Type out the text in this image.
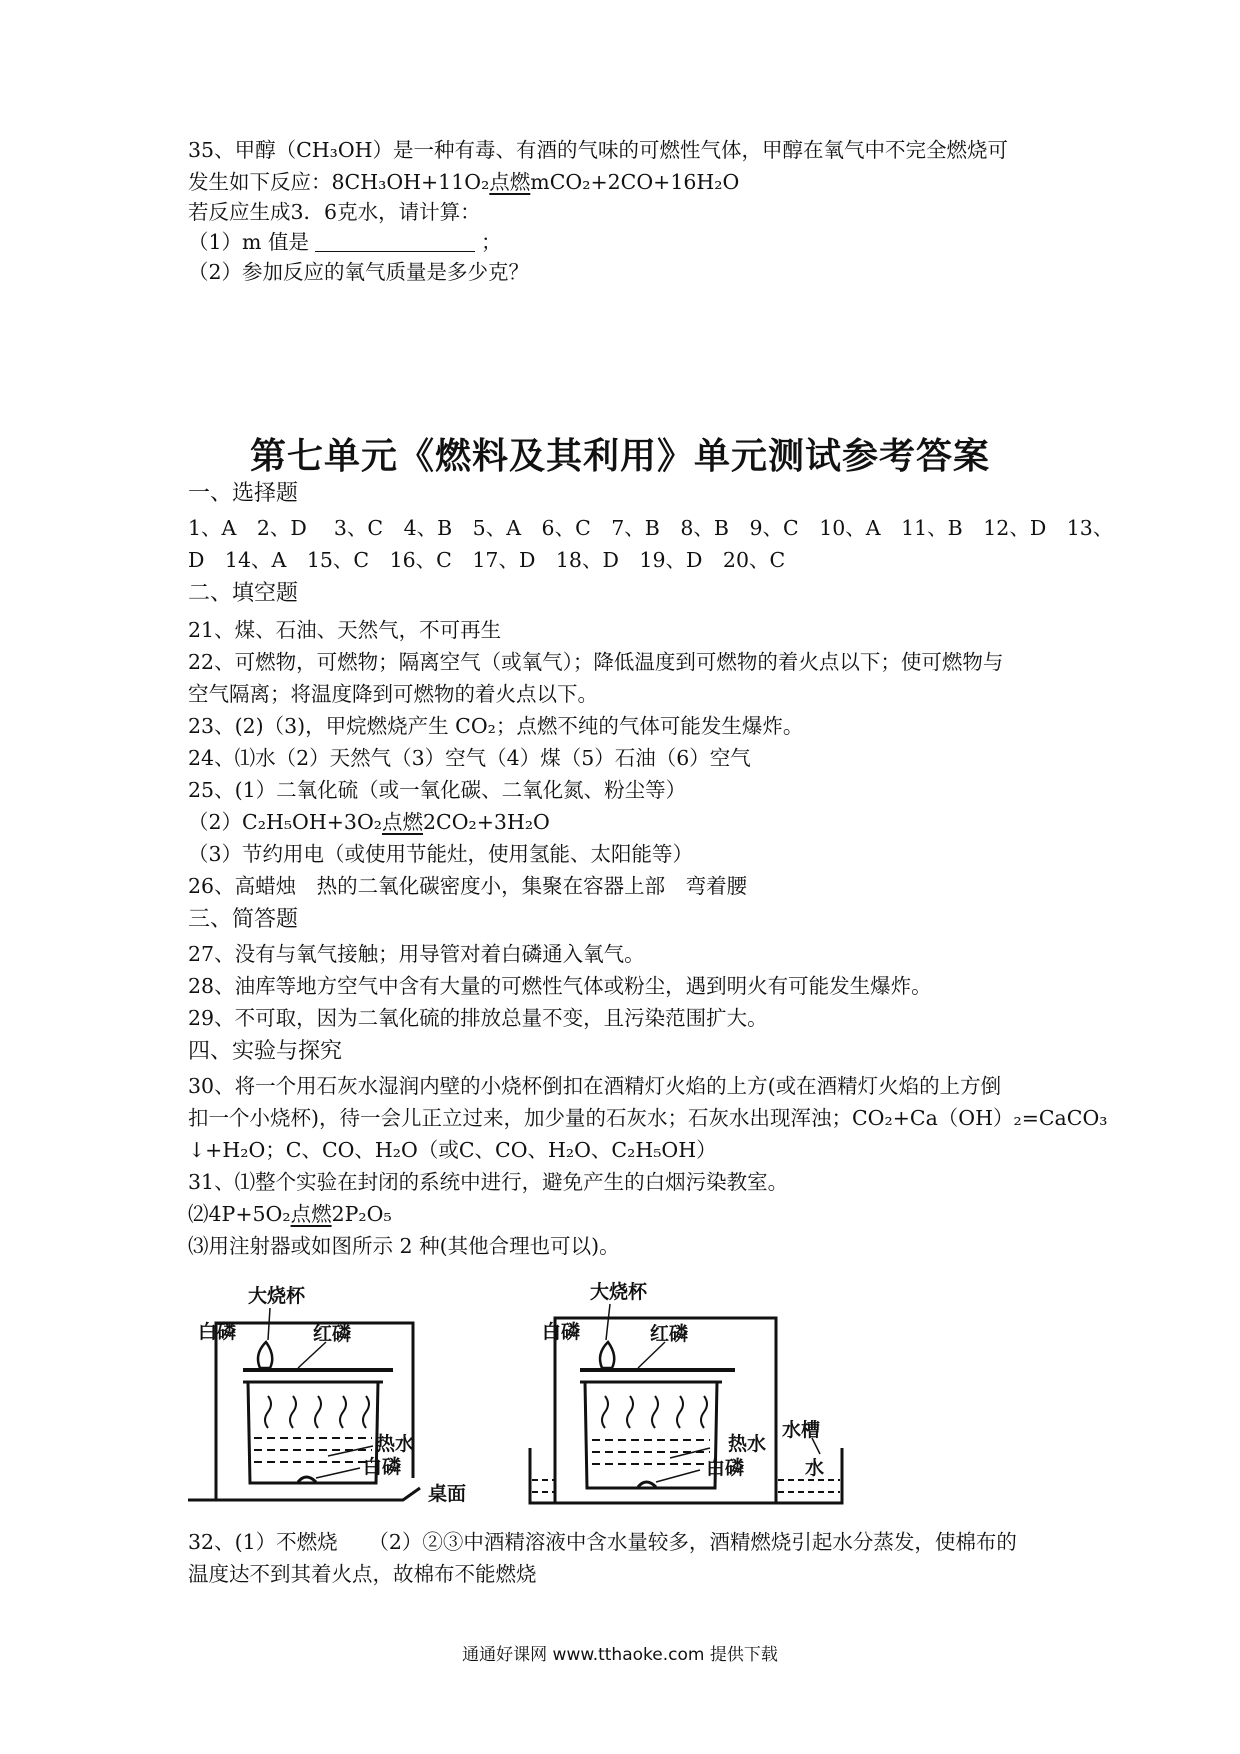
35、甲醇（CH₃OH）是一种有毒、有酒的气味的可燃性气体，甲醇在氧气中不完全燃烧可
发生如下反应：8CH₃OH+11O₂点燃mCO₂+2CO+16H₂O
若反应生成3．6克水，请计算：
（1）m 值是	；
（2）参加反应的氧气质量是多少克？
第七单元《燃料及其利用》单元测试参考答案
一、选择题
1、A　2、D　 3、C　4、B　5、A　6、C　7、B　8、B　9、C　10、A　11、B　12、D　13、
D　14、A　15、C　16、C　17、D　18、D　19、D　20、C
二、填空题
21、煤、石油、天然气，不可再生
22、可燃物，可燃物；隔离空气（或氧气）；降低温度到可燃物的着火点以下；使可燃物与
空气隔离；将温度降到可燃物的着火点以下。
23、(2)（3)，甲烷燃烧产生 CO₂；点燃不纯的气体可能发生爆炸。
24、⑴水（2）天然气（3）空气（4）煤（5）石油（6）空气
25、(1）二氧化硫（或一氧化碳、二氧化氮、粉尘等）
（2）C₂H₅OH+3O₂点燃2CO₂+3H₂O
（3）节约用电（或使用节能灶，使用氢能、太阳能等）
26、高蜡烛　热的二氧化碳密度小，集聚在容器上部　弯着腰
三、简答题
27、没有与氧气接触；用导管对着白磷通入氧气。
28、油库等地方空气中含有大量的可燃性气体或粉尘，遇到明火有可能发生爆炸。
29、不可取，因为二氧化硫的排放总量不变，且污染范围扩大。
四、实验与探究
30、将一个用石灰水湿润内壁的小烧杯倒扣在酒精灯火焰的上方(或在酒精灯火焰的上方倒
扣一个小烧杯)，待一会儿正立过来，加少量的石灰水；石灰水出现浑浊；CO₂+Ca（OH）₂=CaCO₃
↓+H₂O；C、CO、H₂O（或C、CO、H₂O、C₂H₅OH）
31、⑴整个实验在封闭的系统中进行，避免产生的白烟污染教室。
⑵4P+5O₂点燃2P₂O₅
⑶用注射器或如图所示 2 种(其他合理也可以)。
大烧杯
白磷	红磷
热水
白磷
桌面
大烧杯
白磷	红磷
热水
白磷
水槽
水
32、(1）不燃烧　　（2）②③中酒精溶液中含水量较多，酒精燃烧引起水分蒸发，使棉布的
温度达不到其着火点，故棉布不能燃烧
通通好课网 www.tthaoke.com 提供下载
